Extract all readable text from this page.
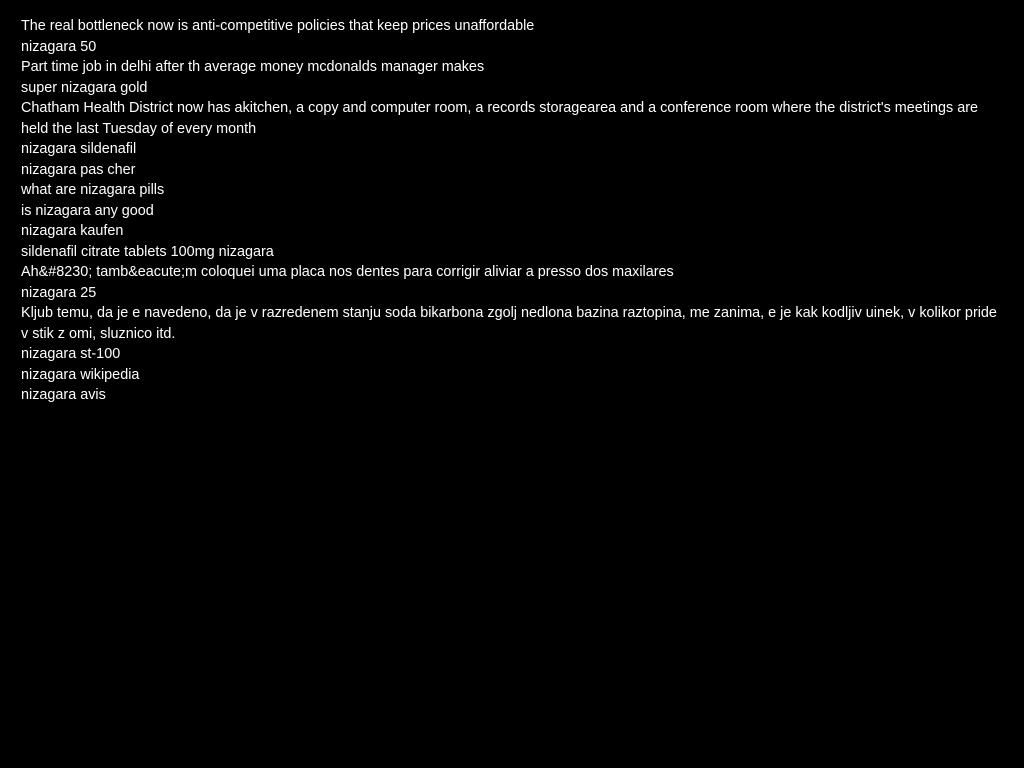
The real bottleneck now is anti-competitive policies that keep prices unaffordable
nizagara 50
Part time job in delhi after th average money mcdonalds manager makes
super nizagara gold
Chatham Health District now has akitchen, a copy and computer room, a records storagearea and a conference room where the district's meetings are held the last Tuesday of every month
nizagara sildenafil
nizagara pas cher
what are nizagara pills
is nizagara any good
nizagara kaufen
sildenafil citrate tablets 100mg nizagara
Ah&#8230; tamb&eacute;m coloquei uma placa nos dentes para corrigir aliviar a presso dos maxilares
nizagara 25
Kljub temu, da je e navedeno, da je v razredenem stanju soda bikarbona zgolj nedlona bazina raztopina, me zanima, e je kak kodljiv uinek, v kolikor pride v stik z omi, sluznico itd.
nizagara st-100
nizagara wikipedia
nizagara avis
